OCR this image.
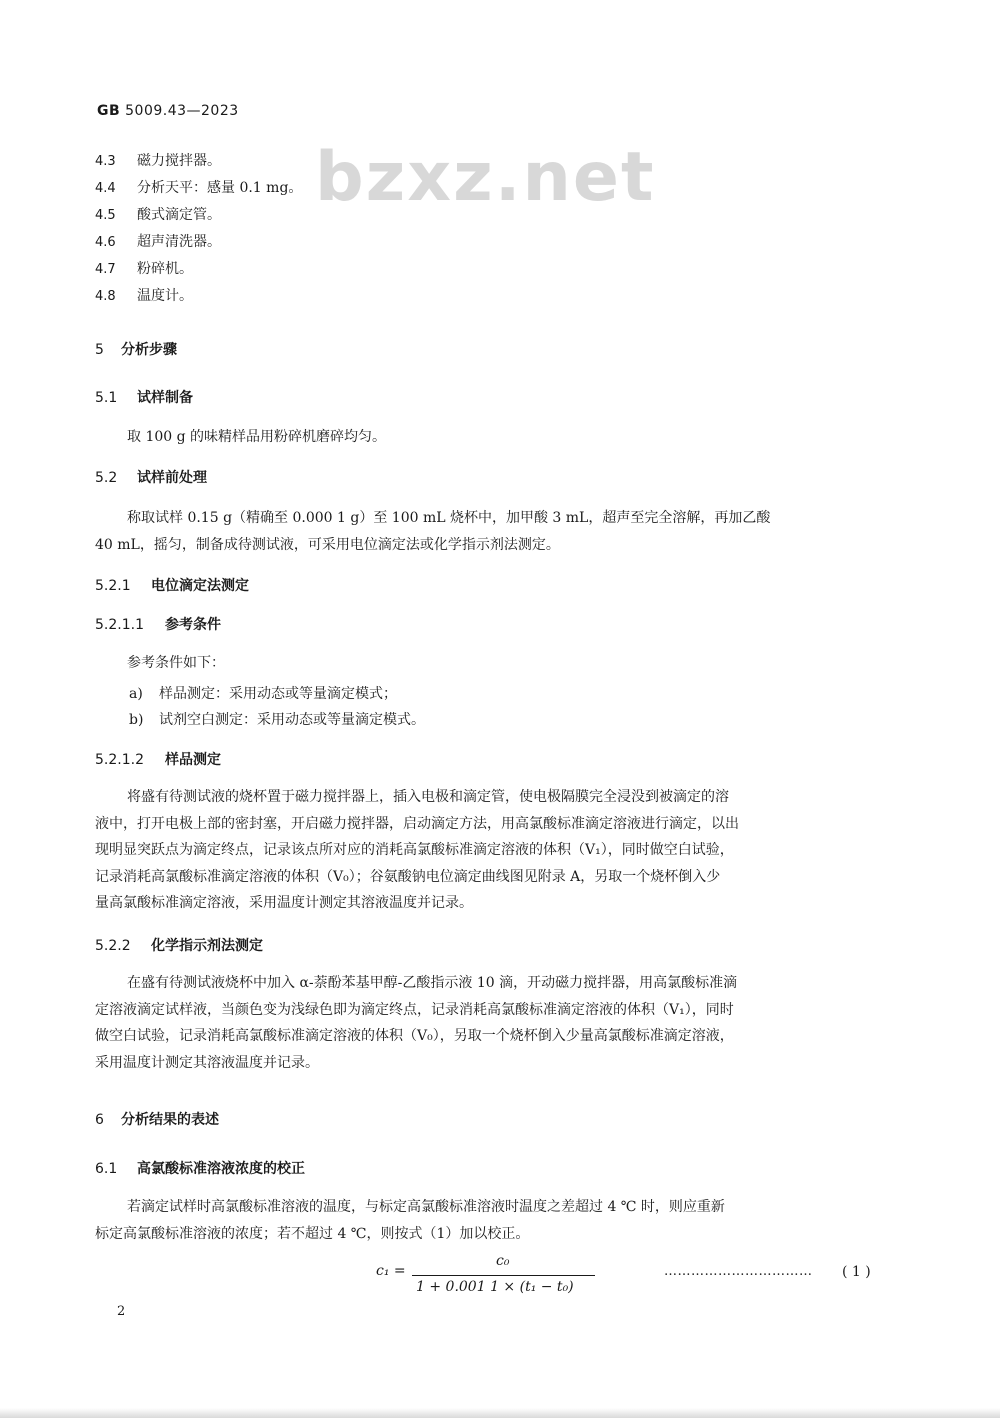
GB 5009.43—2023
bzxz.net
4.3 磁力搅拌器。
4.4 分析天平：感量 0.1 mg。
4.5 酸式滴定管。
4.6 超声清洗器。
4.7 粉碎机。
4.8 温度计。
5 分析步骤
5.1 试样制备

取 100 g 的味精样品用粉碎机磨碎均匀。

5.2 试样前处理

称取试样 0.15 g（精确至 0.000 1 g）至 100 mL 烧杯中，加甲酸 3 mL，超声至完全溶解，再加乙酸

40 mL，摇匀，制备成待测试液，可采用电位滴定法或化学指示剂法测定。

5.2.1 电位滴定法测定
5.2.1.1 参考条件

参考条件如下：

a) 样品测定：采用动态或等量滴定模式；
b) 试剂空白测定：采用动态或等量滴定模式。
5.2.1.2 样品测定

将盛有待测试液的烧杯置于磁力搅拌器上，插入电极和滴定管，使电极隔膜完全浸没到被滴定的溶

液中，打开电极上部的密封塞，开启磁力搅拌器，启动滴定方法，用高氯酸标准滴定溶液进行滴定，以出

现明显突跃点为滴定终点，记录该点所对应的消耗高氯酸标准滴定溶液的体积（V₁），同时做空白试验，

记录消耗高氯酸标准滴定溶液的体积（V₀）；谷氨酸钠电位滴定曲线图见附录 A，另取一个烧杯倒入少

量高氯酸标准滴定溶液，采用温度计测定其溶液温度并记录。

5.2.2 化学指示剂法测定

在盛有待测试液烧杯中加入 α-萘酚苯基甲醇-乙酸指示液 10 滴，开动磁力搅拌器，用高氯酸标准滴

定溶液滴定试样液，当颜色变为浅绿色即为滴定终点，记录消耗高氯酸标准滴定溶液的体积（V₁），同时

做空白试验，记录消耗高氯酸标准滴定溶液的体积（V₀），另取一个烧杯倒入少量高氯酸标准滴定溶液，

采用温度计测定其溶液温度并记录。

6 分析结果的表述
6.1 高氯酸标准溶液浓度的校正

若滴定试样时高氯酸标准溶液的温度，与标定高氯酸标准溶液时温度之差超过 4 ℃ 时，则应重新

标定高氯酸标准溶液的浓度；若不超过 4 ℃，则按式（1）加以校正。

c₁ =
c₀
1 + 0.001 1 × (t₁ − t₀)
…………………………… ( 1 )
2
